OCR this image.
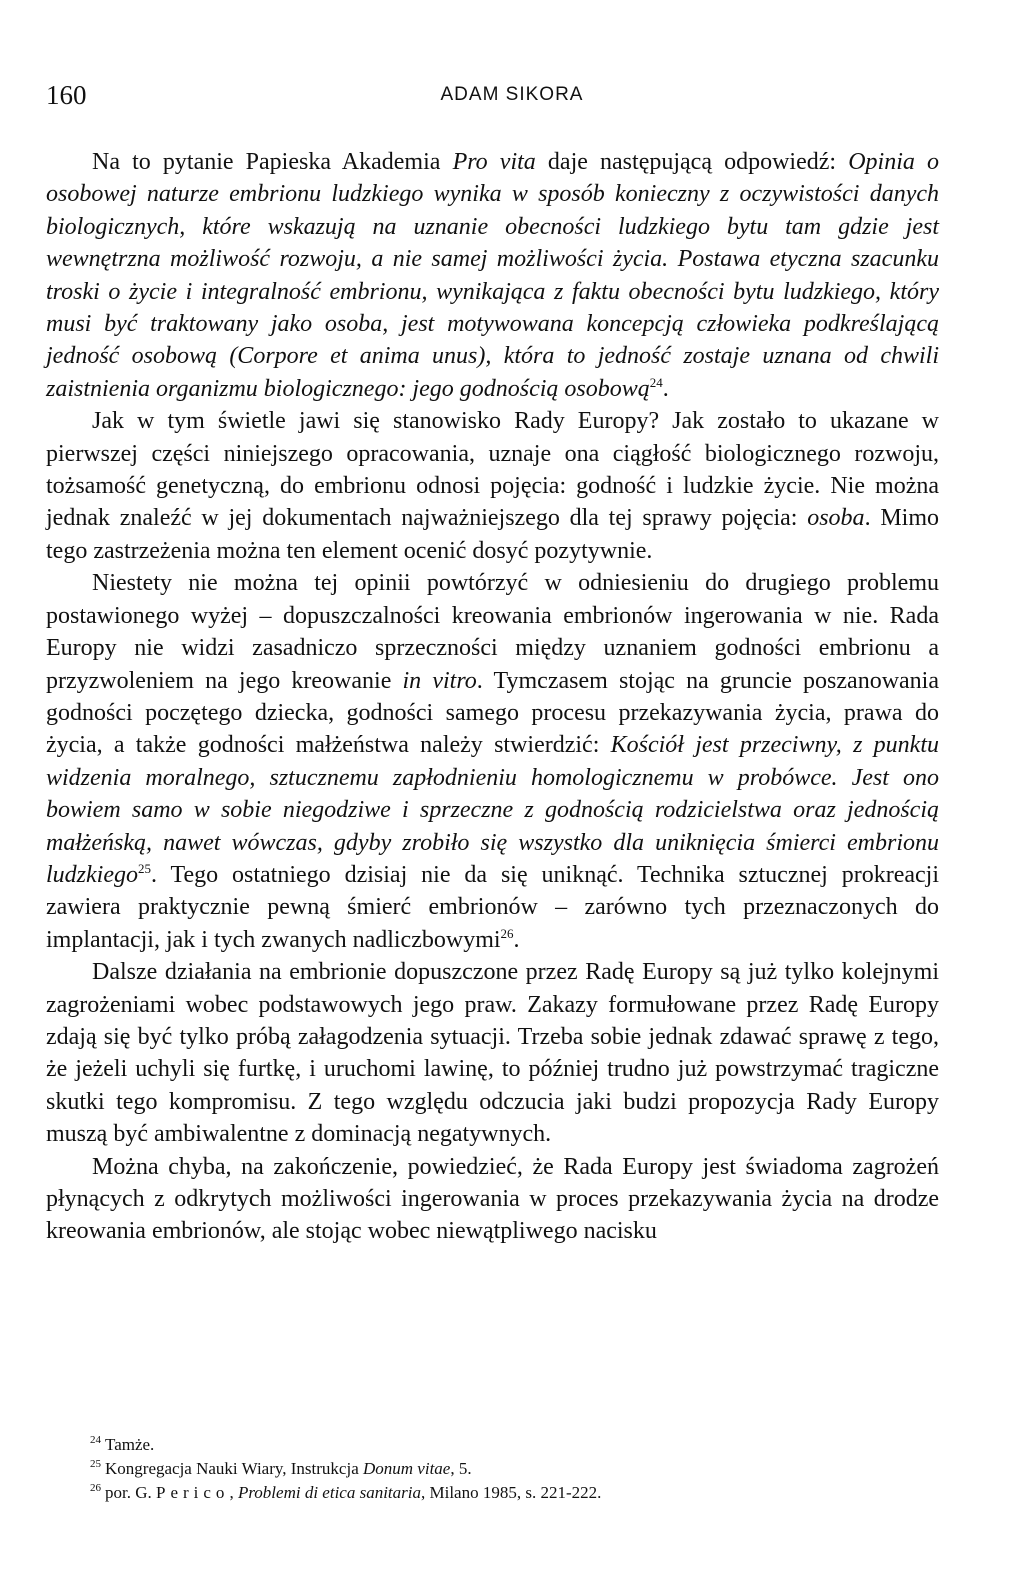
160	ADAM SIKORA

Na to pytanie Papieska Akademia Pro vita daje następującą odpowiedź: Opinia o osobowej naturze embrionu ludzkiego wynika w sposób konieczny z oczywistości danych biologicznych, które wskazują na uznanie obecności ludzkiego bytu tam gdzie jest wewnętrzna możliwość rozwoju, a nie samej możliwości życia. Postawa etyczna szacunku troski o życie i integralność embrionu, wynikająca z faktu obecności bytu ludzkiego, który musi być traktowany jako osoba, jest motywowana koncepcją człowieka podkreślającą jedność osobową (Corpore et anima unus), która to jedność zostaje uznana od chwili zaistnienia organizmu biologicznego: jego godnością osobową$^{24}$.

Jak w tym świetle jawi się stanowisko Rady Europy? Jak zostało to ukazane w pierwszej części niniejszego opracowania, uznaje ona ciągłość biologicznego rozwoju, tożsamość genetyczną, do embrionu odnosi pojęcia: godność i ludzkie życie. Nie można jednak znaleźć w jej dokumentach najważniejszego dla tej sprawy pojęcia: osoba. Mimo tego zastrzeżenia można ten element ocenić dosyć pozytywnie.

Niestety nie można tej opinii powtórzyć w odniesieniu do drugiego problemu postawionego wyżej – dopuszczalności kreowania embrionów ingerowania w nie. Rada Europy nie widzi zasadniczo sprzeczności między uznaniem godności embrionu a przyzwoleniem na jego kreowanie in vitro. Tymczasem stojąc na gruncie poszanowania godności poczętego dziecka, godności samego procesu przekazywania życia, prawa do życia, a także godności małżeństwa należy stwierdzić: Kościół jest przeciwny, z punktu widzenia moralnego, sztucznemu zapłodnieniu homologicznemu w probówce. Jest ono bowiem samo w sobie niegodziwe i sprzeczne z godnością rodzicielstwa oraz jednością małżeńską, nawet wówczas, gdyby zrobiło się wszystko dla uniknięcia śmierci embrionu ludzkiego$^{25}$. Tego ostatniego dzisiaj nie da się uniknąć. Technika sztucznej prokreacji zawiera praktycznie pewną śmierć embrionów – zarówno tych przeznaczonych do implantacji, jak i tych zwanych nadliczbowymi$^{26}$.

Dalsze działania na embrionie dopuszczone przez Radę Europy są już tylko kolejnymi zagrożeniami wobec podstawowych jego praw. Zakazy formułowane przez Radę Europy zdają się być tylko próbą załagodzenia sytuacji. Trzeba sobie jednak zdawać sprawę z tego, że jeżeli uchyli się furtkę, i uruchomi lawinę, to później trudno już powstrzymać tragiczne skutki tego kompromisu. Z tego względu odczucia jaki budzi propozycja Rady Europy muszą być ambiwalentne z dominacją negatywnych.

Można chyba, na zakończenie, powiedzieć, że Rada Europy jest świadoma zagrożeń płynących z odkrytych możliwości ingerowania w proces przekazywania życia na drodze kreowania embrionów, ale stojąc wobec niewątpliwego nacisku

$^{24}$ Tamże.

$^{25}$ Kongregacja Nauki Wiary, Instrukcja Donum vitae, 5.

$^{26}$ por. G. Perico, Problemi di etica sanitaria, Milano 1985, s. 221-222.
